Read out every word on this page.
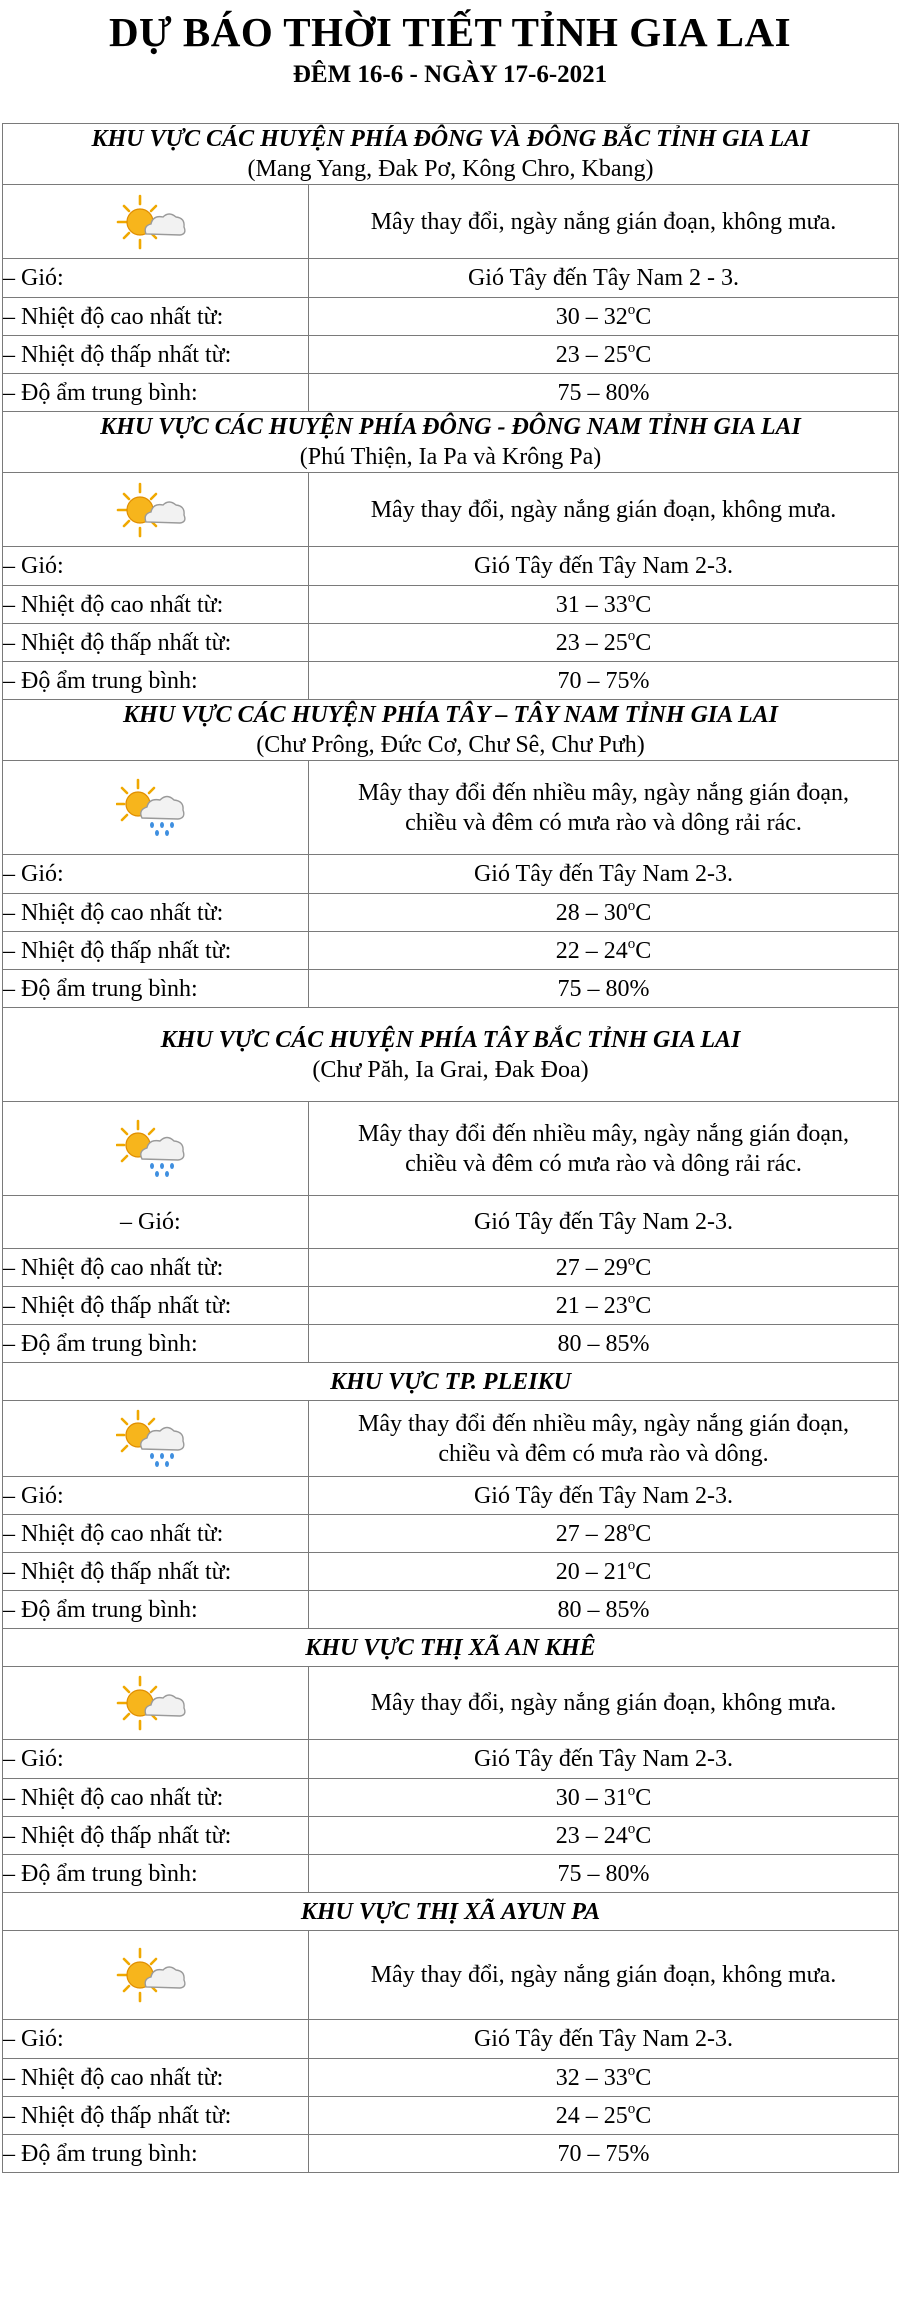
DỰ BÁO THỜI TIẾT TỈNH GIA LAI
ĐÊM 16-6 - NGÀY 17-6-2021
KHU VỰC CÁC HUYỆN PHÍA ĐÔNG VÀ ĐÔNG BẮC TỈNH GIA LAI
(Mang Yang, Đak Pơ, Kông Chro, Kbang)	

Mây thay đổi, ngày nắng gián đoạn, không mưa.

– Gió:	Gió Tây đến Tây Nam 2 - 3.
– Nhiệt độ cao nhất từ:	30 – 32$^o$C
– Nhiệt độ thấp nhất từ:	23 – 25$^o$C
– Độ ẩm trung bình:	75 – 80%

KHU VỰC CÁC HUYỆN PHÍA ĐÔNG - ĐÔNG NAM TỈNH GIA LAI
(Phú Thiện, Ia Pa và Krông Pa)	

Mây thay đổi, ngày nắng gián đoạn, không mưa.

– Gió:	Gió Tây đến Tây Nam 2-3.
– Nhiệt độ cao nhất từ:	31 – 33$^o$C
– Nhiệt độ thấp nhất từ:	23 – 25$^o$C
– Độ ẩm trung bình:	70 – 75%

KHU VỰC CÁC HUYỆN PHÍA TÂY – TÂY NAM TỈNH GIA LAI
(Chư Prông, Đức Cơ, Chư Sê, Chư Pưh)	

Mây thay đổi đến nhiều mây, ngày nắng gián đoạn,
chiều và đêm có mưa rào và dông rải rác.

– Gió:	Gió Tây đến Tây Nam 2-3.
– Nhiệt độ cao nhất từ:	28 – 30$^o$C
– Nhiệt độ thấp nhất từ:	22 – 24$^o$C
– Độ ẩm trung bình:	75 – 80%

KHU VỰC CÁC HUYỆN PHÍA TÂY BẮC TỈNH GIA LAI
(Chư Păh, Ia Grai, Đak Đoa)	

Mây thay đổi đến nhiều mây, ngày nắng gián đoạn,
chiều và đêm có mưa rào và dông rải rác.

– Gió:	Gió Tây đến Tây Nam 2-3.
– Nhiệt độ cao nhất từ:	27 – 29$^o$C
– Nhiệt độ thấp nhất từ:	21 – 23$^o$C
– Độ ẩm trung bình:	80 – 85%

KHU VỰC TP. PLEIKU	

Mây thay đổi đến nhiều mây, ngày nắng gián đoạn,
chiều và đêm có mưa rào và dông.

– Gió:	Gió Tây đến Tây Nam 2-3.
– Nhiệt độ cao nhất từ:	27 – 28$^o$C
– Nhiệt độ thấp nhất từ:	20 – 21$^o$C
– Độ ẩm trung bình:	80 – 85%

KHU VỰC THỊ XÃ AN KHÊ	

Mây thay đổi, ngày nắng gián đoạn, không mưa.

– Gió:	Gió Tây đến Tây Nam 2-3.
– Nhiệt độ cao nhất từ:	30 – 31$^o$C
– Nhiệt độ thấp nhất từ:	23 – 24$^o$C
– Độ ẩm trung bình:	75 – 80%

KHU VỰC THỊ XÃ AYUN PA	

Mây thay đổi, ngày nắng gián đoạn, không mưa.

– Gió:	Gió Tây đến Tây Nam 2-3.
– Nhiệt độ cao nhất từ:	32 – 33$^o$C
– Nhiệt độ thấp nhất từ:	24 – 25$^o$C
– Độ ẩm trung bình:	70 – 75%
